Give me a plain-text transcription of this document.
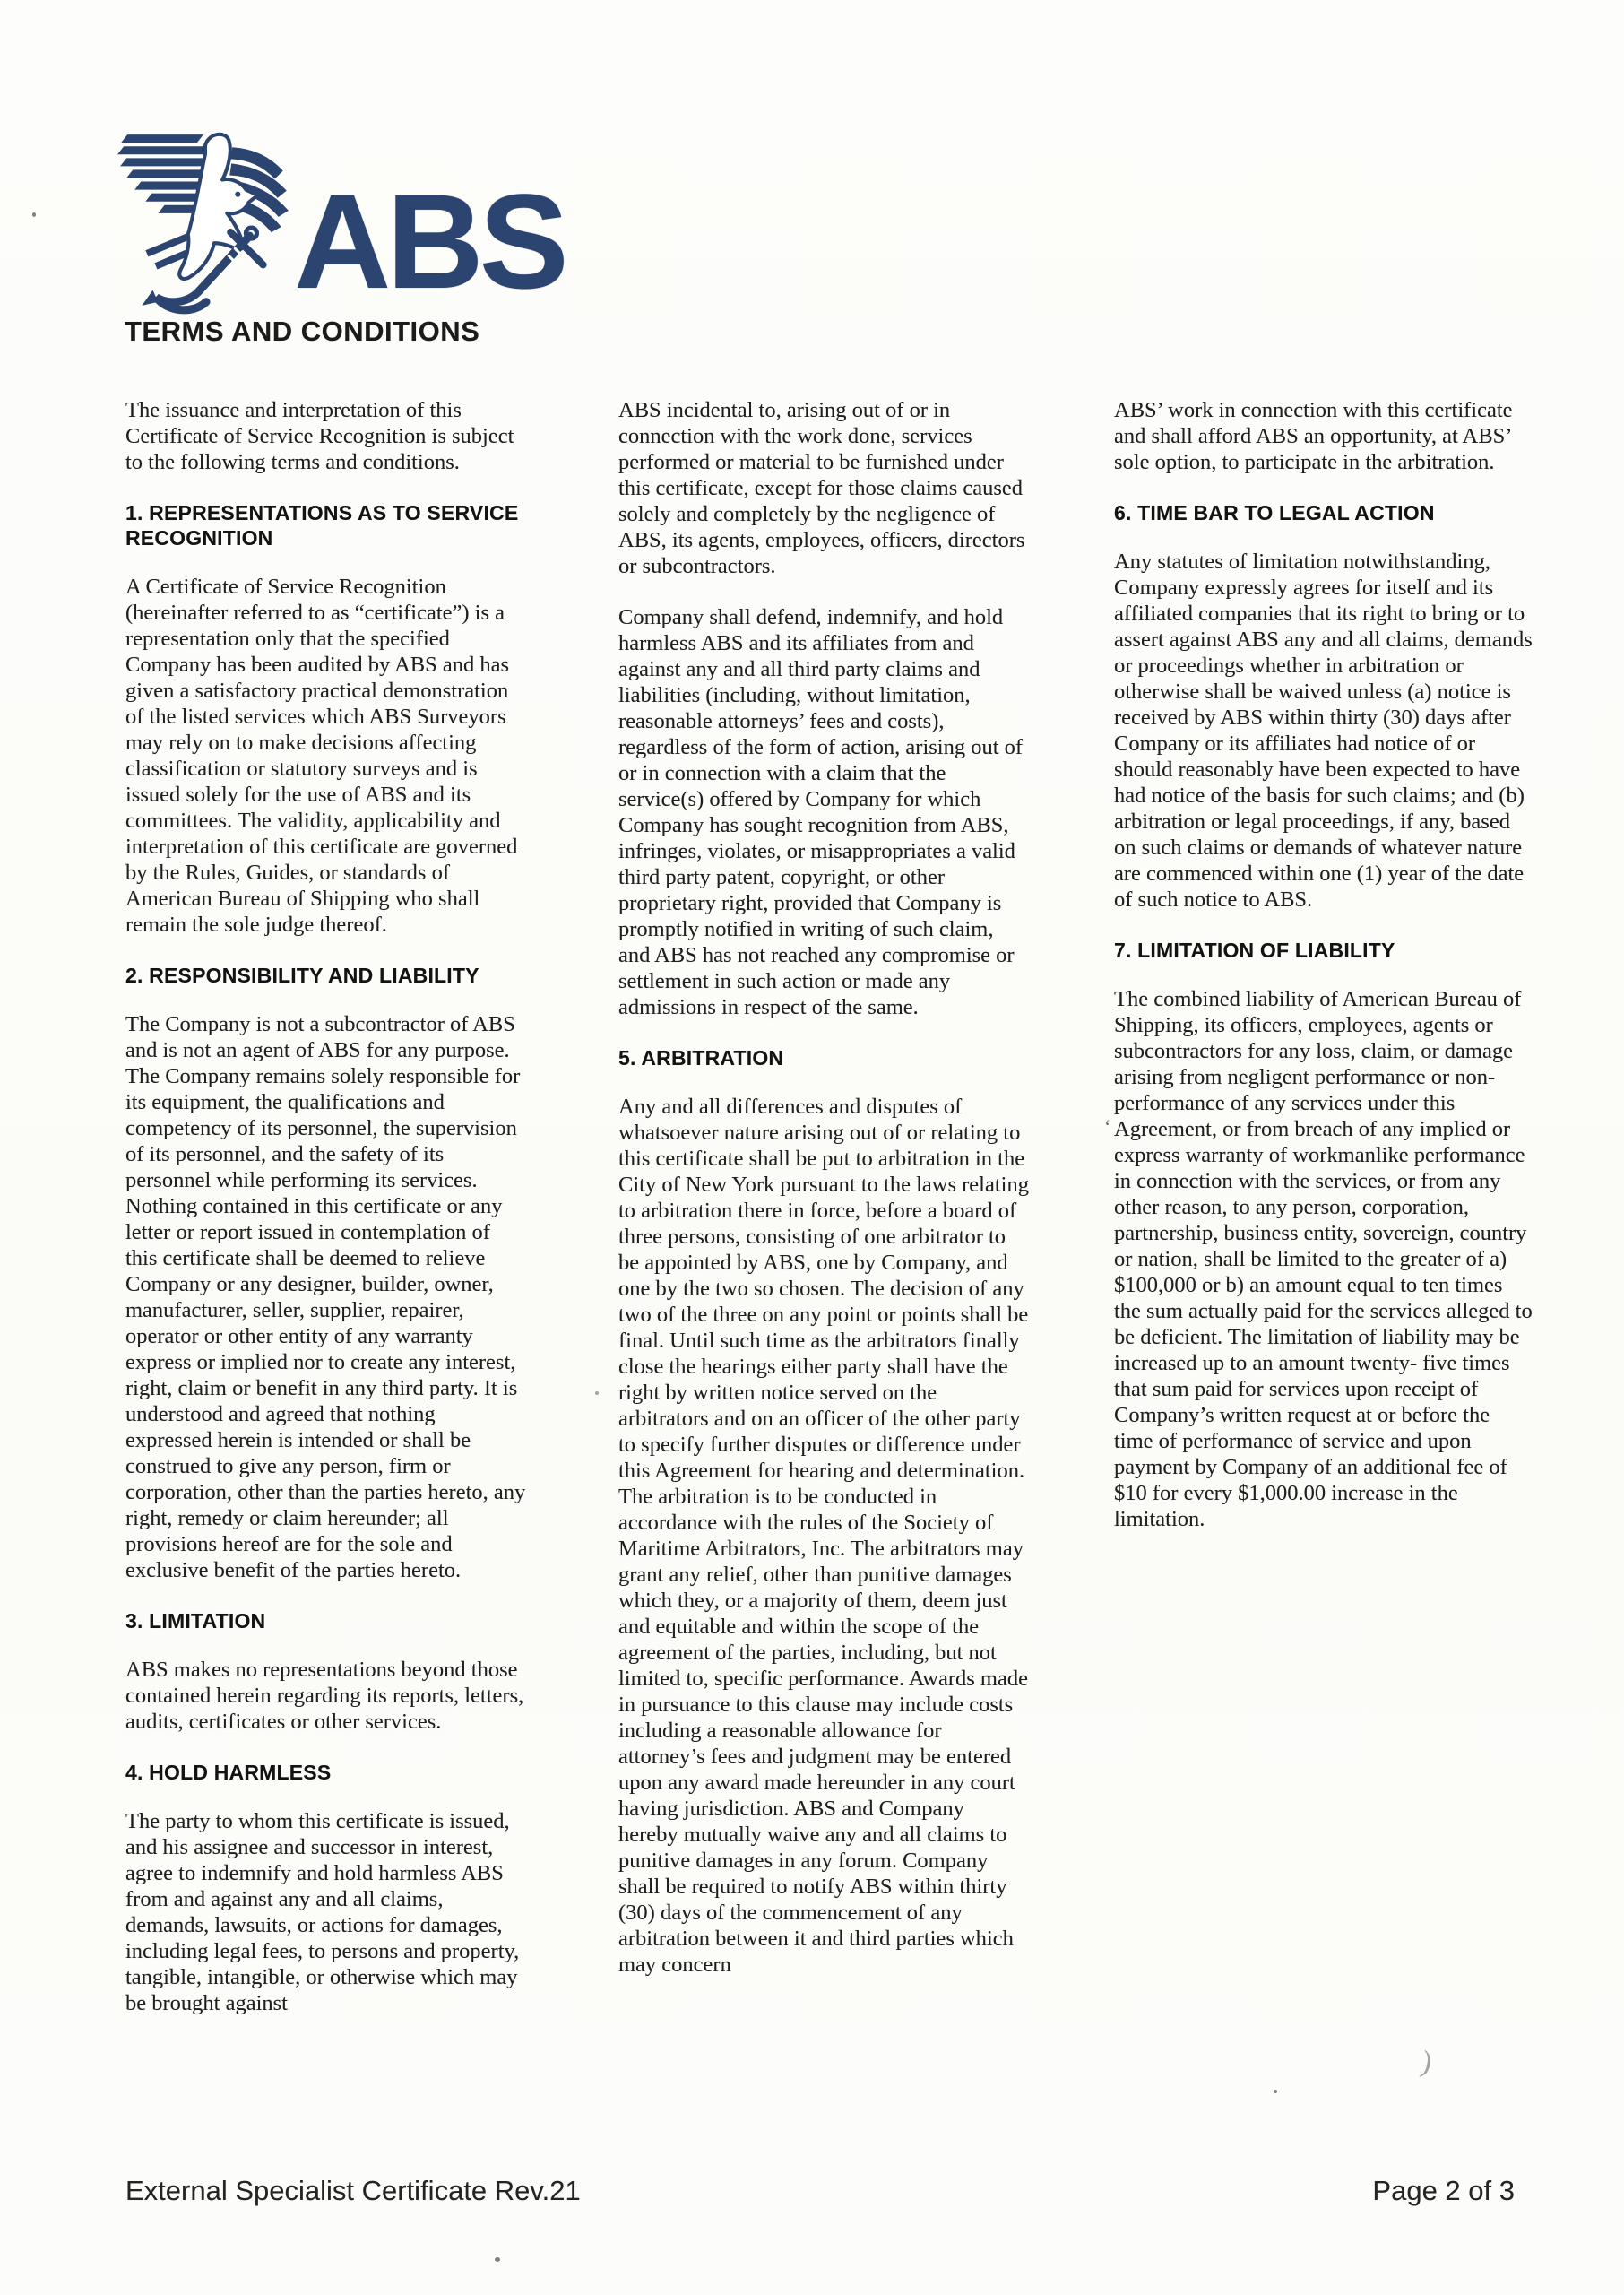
ABS
TERMS AND CONDITIONS

The issuance and interpretation of this Certificate of Service Recognition is subject to the following terms and conditions.

1. REPRESENTATIONS AS TO SERVICE RECOGNITION

A Certificate of Service Recognition (hereinafter referred to as “certificate”) is a representation only that the specified Company has been audited by ABS and has given a satisfactory practical demonstration of the listed services which ABS Surveyors may rely on to make decisions affecting classification or statutory surveys and is issued solely for the use of ABS and its committees. The validity, applicability and interpretation of this certificate are governed by the Rules, Guides, or standards of American Bureau of Shipping who shall remain the sole judge thereof.

2. RESPONSIBILITY AND LIABILITY

The Company is not a subcontractor of ABS and is not an agent of ABS for any purpose. The Company remains solely responsible for its equipment, the qualifications and competency of its personnel, the supervision of its personnel, and the safety of its personnel while performing its services. Nothing contained in this certificate or any letter or report issued in contemplation of this certificate shall be deemed to relieve Company or any designer, builder, owner, manufacturer, seller, supplier, repairer, operator or other entity of any warranty express or implied nor to create any interest, right, claim or benefit in any third party. It is understood and agreed that nothing expressed herein is intended or shall be construed to give any person, firm or corporation, other than the parties hereto, any right, remedy or claim hereunder; all provisions hereof are for the sole and exclusive benefit of the parties hereto.

3. LIMITATION

ABS makes no representations beyond those contained herein regarding its reports, letters, audits, certificates or other services.

4. HOLD HARMLESS

The party to whom this certificate is issued, and his assignee and successor in interest, agree to indemnify and hold harmless ABS from and against any and all claims, demands, lawsuits, or actions for damages, including legal fees, to persons and property, tangible, intangible, or otherwise which may be brought against

ABS incidental to, arising out of or in connection with the work done, services performed or material to be furnished under this certificate, except for those claims caused solely and completely by the negligence of ABS, its agents, employees, officers, directors or subcontractors.

Company shall defend, indemnify, and hold harmless ABS and its affiliates from and against any and all third party claims and liabilities (including, without limitation, reasonable attorneys’ fees and costs), regardless of the form of action, arising out of or in connection with a claim that the service(s) offered by Company for which Company has sought recognition from ABS, infringes, violates, or misappropriates a valid third party patent, copyright, or other proprietary right, provided that Company is promptly notified in writing of such claim, and ABS has not reached any compromise or settlement in such action or made any admissions in respect of the same.

5. ARBITRATION

Any and all differences and disputes of whatsoever nature arising out of or relating to this certificate shall be put to arbitration in the City of New York pursuant to the laws relating to arbitration there in force, before a board of three persons, consisting of one arbitrator to be appointed by ABS, one by Company, and one by the two so chosen. The decision of any two of the three on any point or points shall be final. Until such time as the arbitrators finally close the hearings either party shall have the right by written notice served on the arbitrators and on an officer of the other party to specify further disputes or difference under this Agreement for hearing and determination. The arbitration is to be conducted in accordance with the rules of the Society of Maritime Arbitrators, Inc. The arbitrators may grant any relief, other than punitive damages which they, or a majority of them, deem just and equitable and within the scope of the agreement of the parties, including, but not limited to, specific performance. Awards made in pursuance to this clause may include costs including a reasonable allowance for attorney’s fees and judgment may be entered upon any award made hereunder in any court having jurisdiction. ABS and Company hereby mutually waive any and all claims to punitive damages in any forum. Company shall be required to notify ABS within thirty (30) days of the commencement of any arbitration between it and third parties which may concern

ABS’ work in connection with this certificate and shall afford ABS an opportunity, at ABS’ sole option, to participate in the arbitration.

6. TIME BAR TO LEGAL ACTION

Any statutes of limitation notwithstanding, Company expressly agrees for itself and its affiliated companies that its right to bring or to assert against ABS any and all claims, demands or proceedings whether in arbitration or otherwise shall be waived unless (a) notice is received by ABS within thirty (30) days after Company or its affiliates had notice of or should reasonably have been expected to have had notice of the basis for such claims; and (b) arbitration or legal proceedings, if any, based on such claims or demands of whatever nature are commenced within one (1) year of the date of such notice to ABS.

7. LIMITATION OF LIABILITY

The combined liability of American Bureau of Shipping, its officers, employees, agents or subcontractors for any loss, claim, or damage arising from negligent performance or non-performance of any services under this Agreement, or from breach of any implied or express warranty of workmanlike performance in connection with the services, or from any other reason, to any person, corporation, partnership, business entity, sovereign, country or nation, shall be limited to the greater of a) $100,000 or b) an amount equal to ten times the sum actually paid for the services alleged to be deficient. The limitation of liability may be increased up to an amount twenty- five times that sum paid for services upon receipt of Company’s written request at or before the time of performance of service and upon payment by Company of an additional fee of $10 for every $1,000.00 increase in the limitation.

External Specialist Certificate Rev.21	Page 2 of 3
‘
)
